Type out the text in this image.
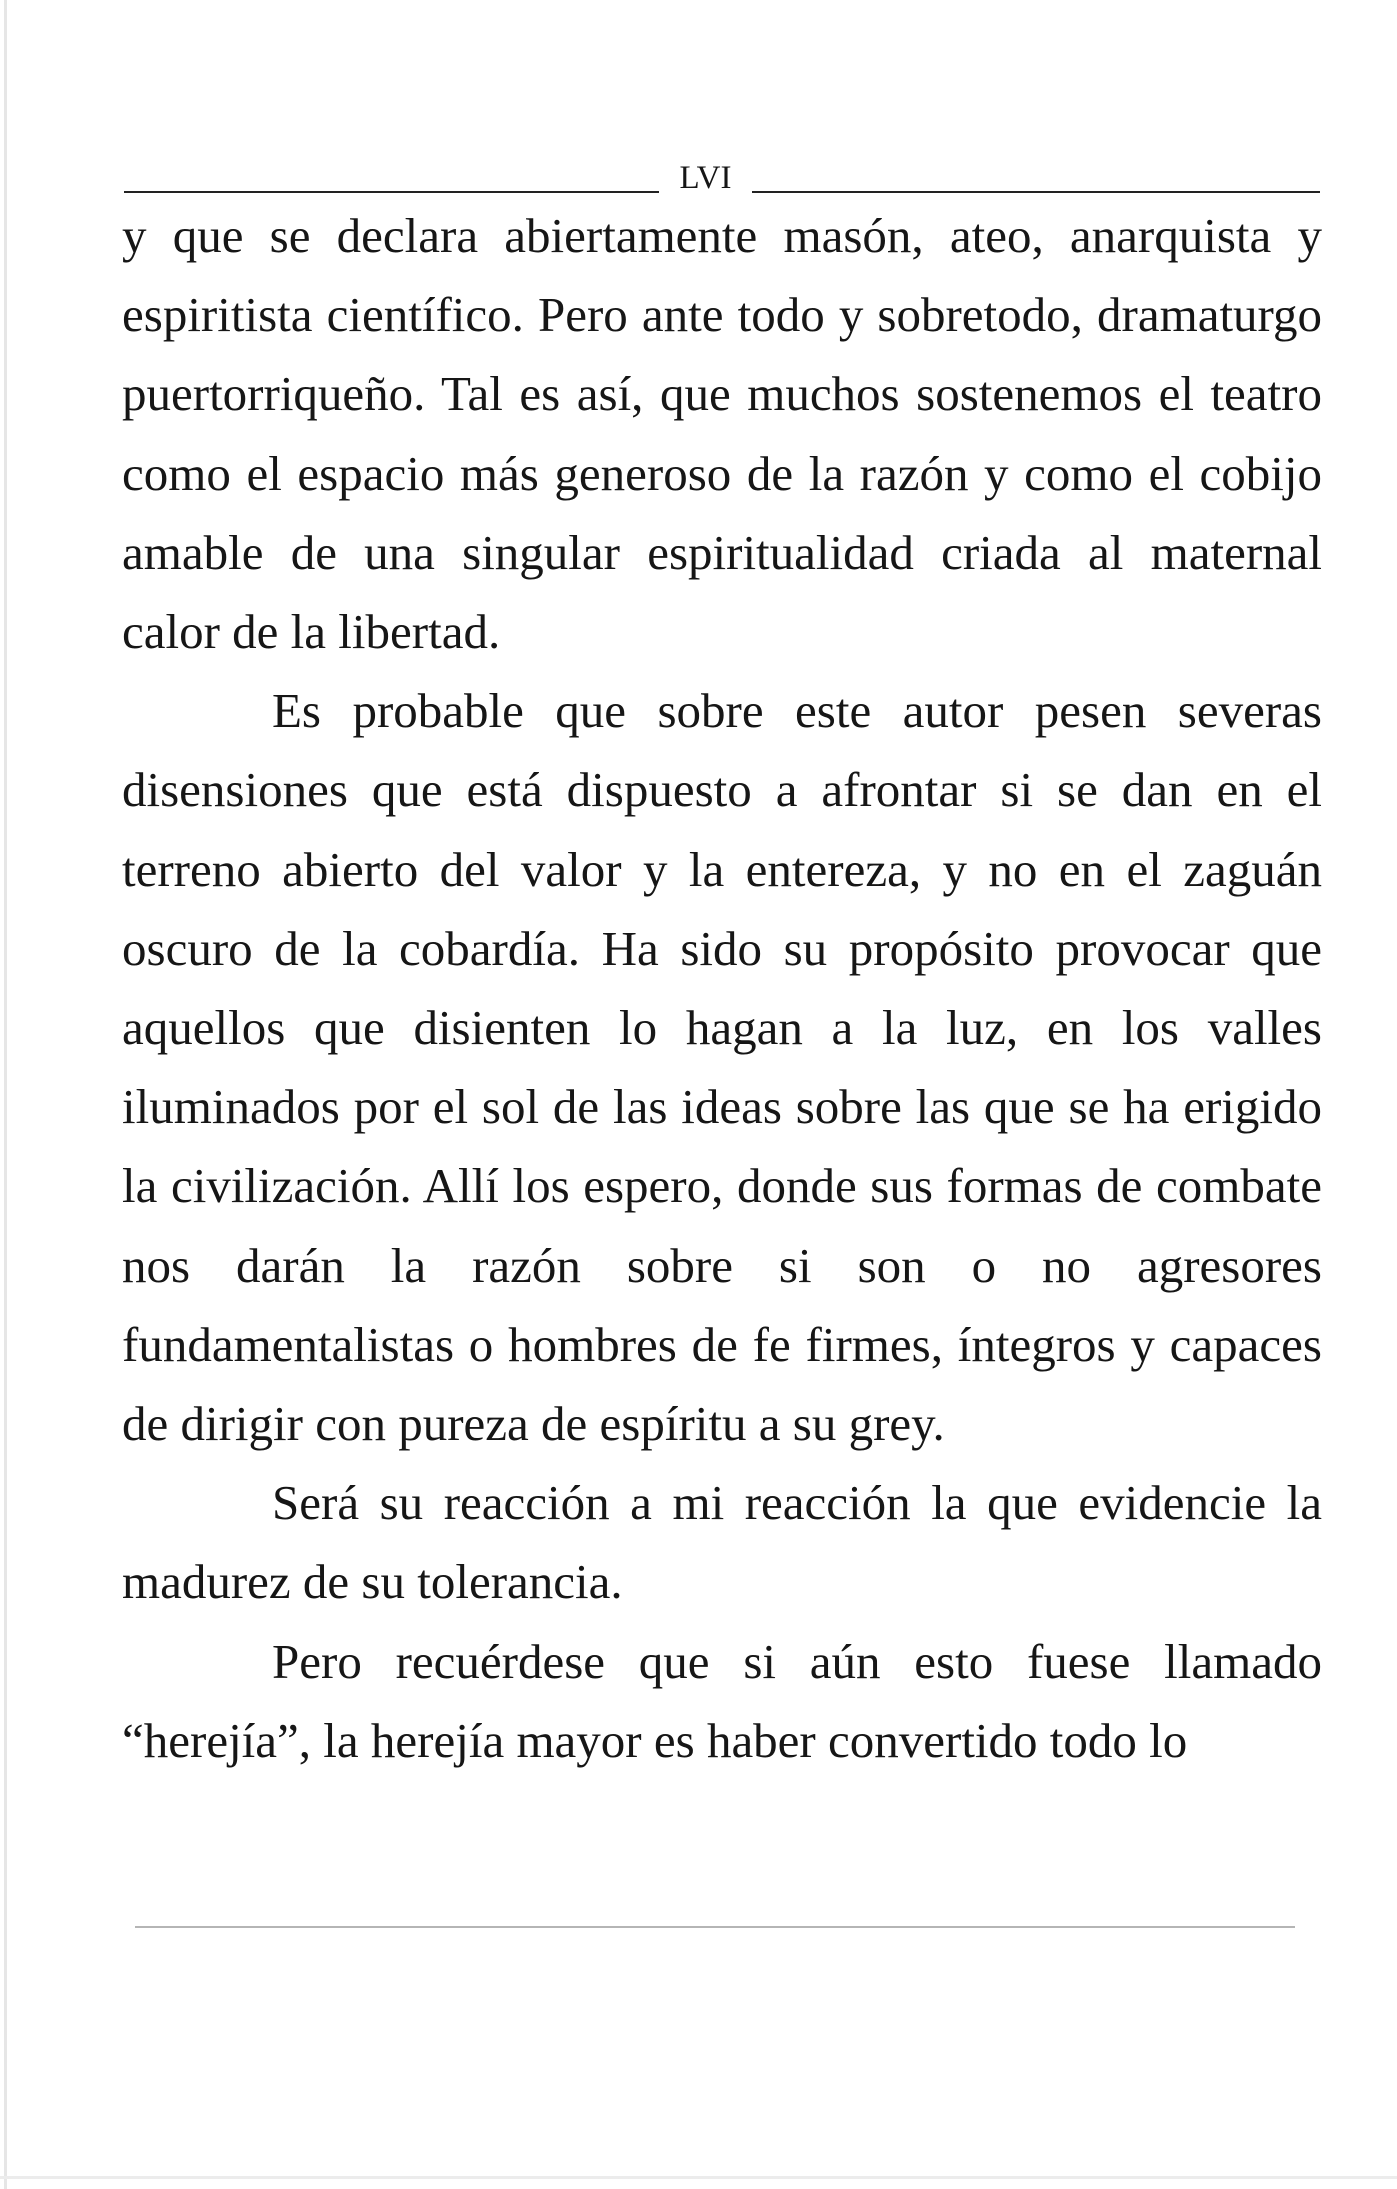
LVI

y que se declara abiertamente masón, ateo, anarquista y espiritista científico. Pero ante todo y sobretodo, dramaturgo puertorriqueño. Tal es así, que muchos sostenemos el teatro como el espacio más generoso de la razón y como el cobijo amable de una singular espiritualidad criada al maternal calor de la libertad.

Es probable que sobre este autor pesen severas disensiones que está dispuesto a afrontar si se dan en el terreno abierto del valor y la entereza, y no en el zaguán oscuro de la cobardía. Ha sido su propósito provocar que aquellos que disienten lo hagan a la luz, en los valles iluminados por el sol de las ideas sobre las que se ha erigido la civilización. Allí los espero, donde sus formas de combate nos darán la razón sobre si son o no agresores fundamentalistas o hombres de fe firmes, íntegros y capaces de dirigir con pureza de espíritu a su grey.

Será su reacción a mi reacción la que evidencie la madurez de su tolerancia.

Pero recuérdese que si aún esto fuese llamado “herejía”, la herejía mayor es haber convertido todo lo
